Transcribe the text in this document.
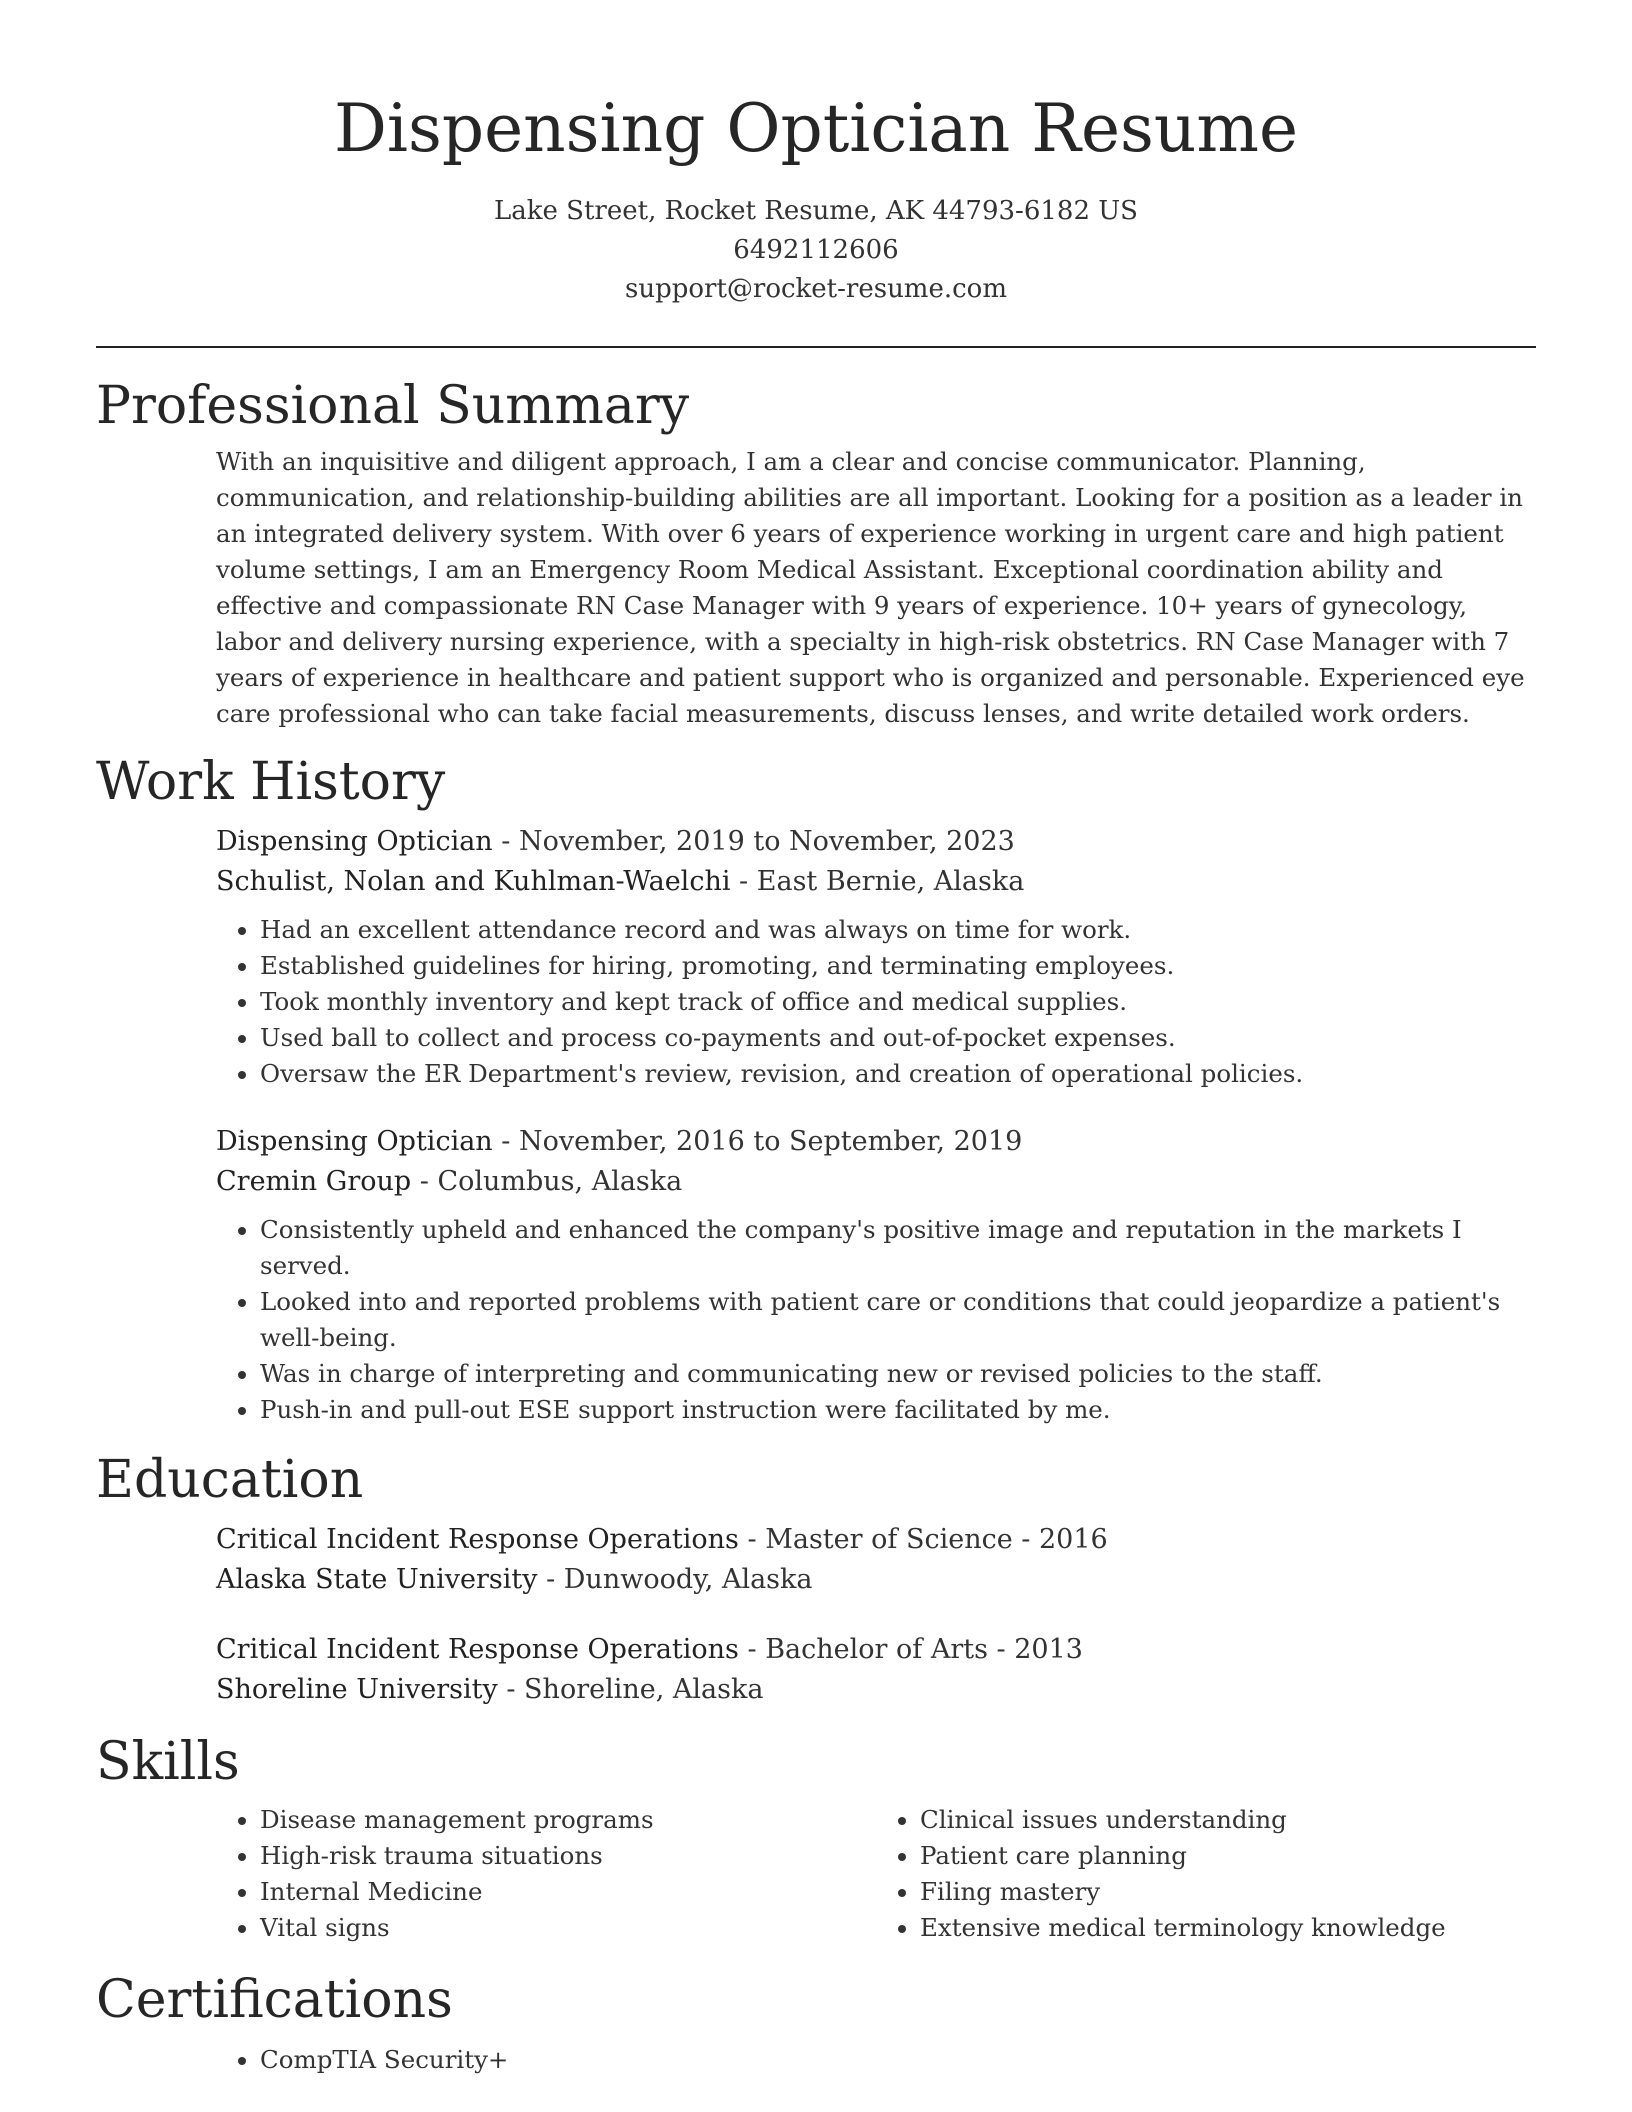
Dispensing Optician Resume
Lake Street, Rocket Resume, AK 44793-6182 US
6492112606
support@rocket-resume.com
Professional Summary

With an inquisitive and diligent approach, I am a clear and concise communicator. Planning, communication, and relationship-building abilities are all important. Looking for a position as a leader in an integrated delivery system. With over 6 years of experience working in urgent care and high patient volume settings, I am an Emergency Room Medical Assistant. Exceptional coordination ability and effective and compassionate RN Case Manager with 9 years of experience. 10+ years of gynecology, labor and delivery nursing experience, with a specialty in high-risk obstetrics. RN Case Manager with 7 years of experience in healthcare and patient support who is organized and personable. Experienced eye care professional who can take facial measurements, discuss lenses, and write detailed work orders.

Work History
Dispensing Optician - November, 2019 to November, 2023
Schulist, Nolan and Kuhlman-Waelchi - East Bernie, Alaska
• Had an excellent attendance record and was always on time for work.
• Established guidelines for hiring, promoting, and terminating employees.
• Took monthly inventory and kept track of office and medical supplies.
• Used ball to collect and process co-payments and out-of-pocket expenses.
• Oversaw the ER Department's review, revision, and creation of operational policies.
Dispensing Optician - November, 2016 to September, 2019
Cremin Group - Columbus, Alaska
• Consistently upheld and enhanced the company's positive image and reputation in the markets I served.
• Looked into and reported problems with patient care or conditions that could jeopardize a patient's well-being.
• Was in charge of interpreting and communicating new or revised policies to the staff.
• Push-in and pull-out ESE support instruction were facilitated by me.
Education
Critical Incident Response Operations - Master of Science - 2016
Alaska State University - Dunwoody, Alaska
Critical Incident Response Operations - Bachelor of Arts - 2013
Shoreline University - Shoreline, Alaska
Skills
• Disease management programs
• High-risk trauma situations
• Internal Medicine
• Vital signs
• Clinical issues understanding
• Patient care planning
• Filing mastery
• Extensive medical terminology knowledge
Certifications
• CompTIA Security+
